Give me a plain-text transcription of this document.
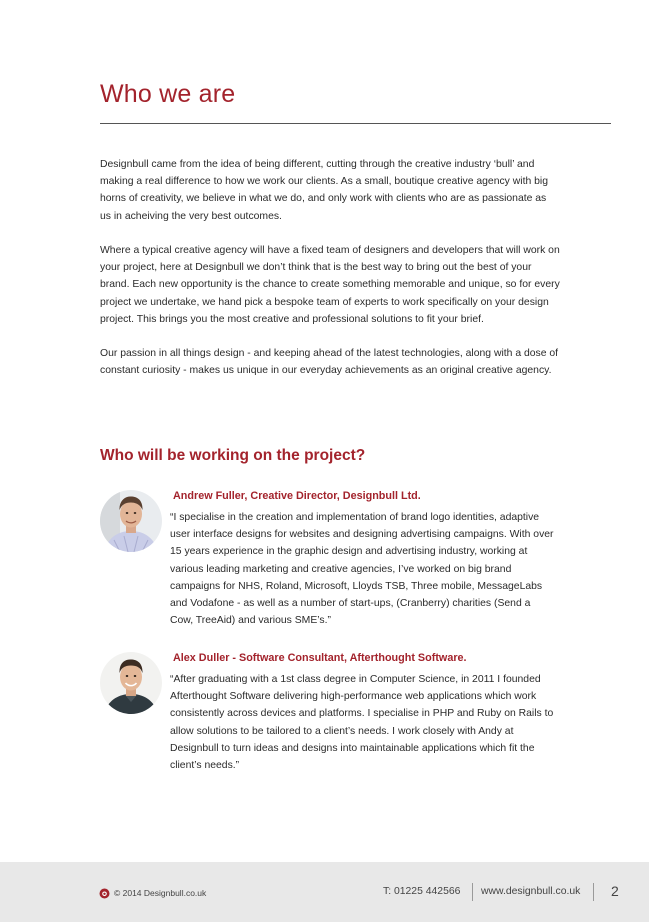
Who we are

Designbull came from the idea of being different, cutting through the creative industry ‘bull’ and making a real difference to how we work our clients. As a small, boutique creative agency with big horns of creativity, we believe in what we do, and only work with clients who are as passionate as us in acheiving the very best outcomes.

Where a typical creative agency will have a fixed team of designers and developers that will work on your project, here at Designbull we don’t think that is the best way to bring out the best of your brand. Each new opportunity is the chance to create something memorable and unique, so for every project we undertake, we hand pick a bespoke team of experts to work specifically on your design project. This brings you the most creative and professional solutions to fit your brief.

Our passion in all things design - and keeping ahead of the latest technologies, along with a dose of constant curiosity - makes us unique in our everyday achievements as an original creative agency.

Who will be working on the project?
Andrew Fuller, Creative Director, Designbull Ltd.

“I specialise in the creation and implementation of brand logo identities, adaptive user interface designs for websites and designing advertising campaigns. With over 15 years experience in the graphic design and advertising industry, working at various leading marketing and creative agencies, I’ve worked on big brand campaigns for NHS, Roland, Microsoft, Lloyds TSB, Three mobile, MessageLabs and Vodafone - as well as a number of start-ups, (Cranberry) charities (Send a Cow, TreeAid) and various SME’s.”

Alex Duller - Software Consultant, Afterthought Software.

“After graduating with a 1st class degree in Computer Science, in 2011 I founded Afterthought Software delivering high-performance web applications which work consistently across devices and platforms. I specialise in PHP and Ruby on Rails to allow solutions to be tailored to a client’s needs. I work closely with Andy at Designbull to turn ideas and designs into maintainable applications which fit the client’s needs.”

© 2014 Designbull.co.uk	T: 01225 442566 www.designbull.co.uk 2
